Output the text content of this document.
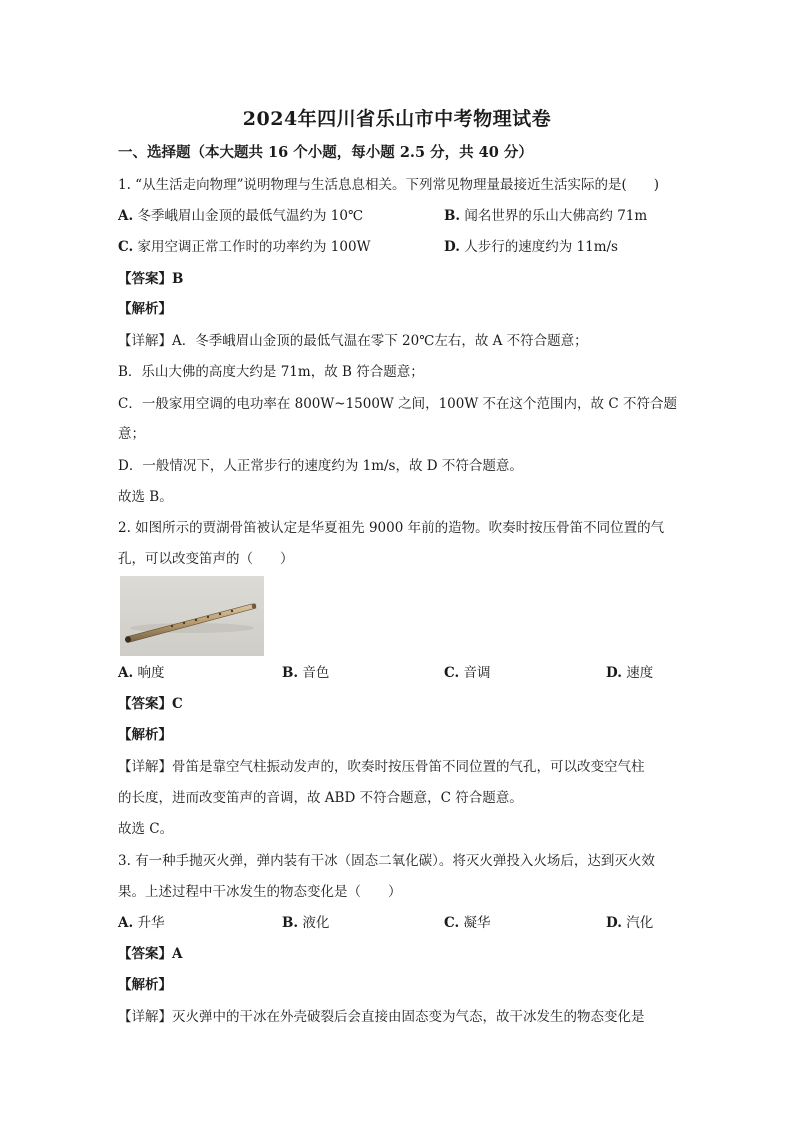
2024年四川省乐山市中考物理试卷
一、选择题（本大题共 16 个小题，每小题 2.5 分，共 40 分）
1. “从生活走向物理”说明物理与生活息息相关。下列常见物理量最接近生活实际的是(　　)
A. 冬季峨眉山金顶的最低气温约为 10℃	B. 闻名世界的乐山大佛高约 71m
C. 家用空调正常工作时的功率约为 100W	D. 人步行的速度约为 11m/s
【答案】B
【解析】
【详解】A．冬季峨眉山金顶的最低气温在零下 20℃左右，故 A 不符合题意；
B．乐山大佛的高度大约是 71m，故 B 符合题意；
C．一般家用空调的电功率在 800W~1500W 之间，100W 不在这个范围内，故 C 不符合题
意；
D．一般情况下，人正常步行的速度约为 1m/s，故 D 不符合题意。
故选 B。
2. 如图所示的贾湖骨笛被认定是华夏祖先 9000 年前的造物。吹奏时按压骨笛不同位置的气
孔，可以改变笛声的（　　）
A. 响度	B. 音色	C. 音调	D. 速度
【答案】C
【解析】
【详解】骨笛是靠空气柱振动发声的，吹奏时按压骨笛不同位置的气孔，可以改变空气柱
的长度，进而改变笛声的音调，故 ABD 不符合题意，C 符合题意。
故选 C。
3. 有一种手抛灭火弹，弹内装有干冰（固态二氧化碳）。将灭火弹投入火场后，达到灭火效
果。上述过程中干冰发生的物态变化是（　　）
A. 升华	B. 液化	C. 凝华	D. 汽化
【答案】A
【解析】
【详解】灭火弹中的干冰在外壳破裂后会直接由固态变为气态，故干冰发生的物态变化是
